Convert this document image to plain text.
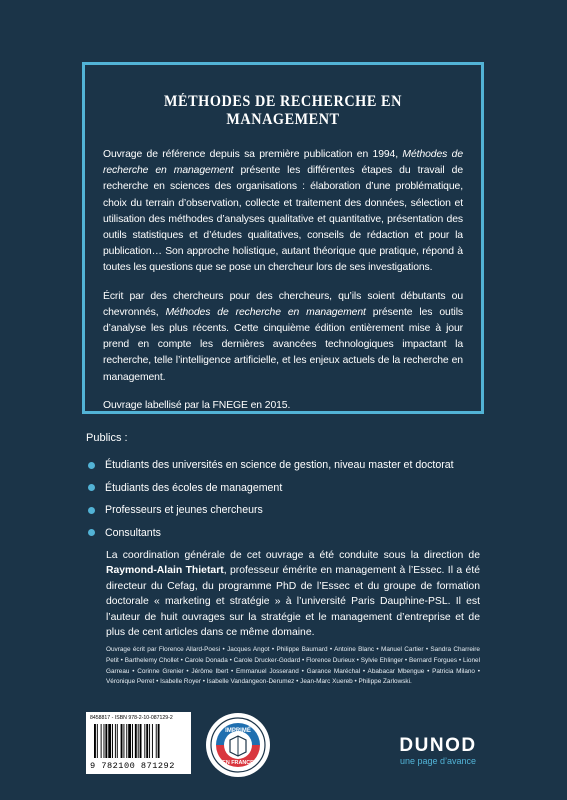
MÉTHODES DE RECHERCHE EN MANAGEMENT

Ouvrage de référence depuis sa première publication en 1994, Méthodes de recherche en management présente les différentes étapes du travail de recherche en sciences des organisations : élaboration d’une problématique, choix du terrain d’observation, collecte et traitement des données, sélection et utilisation des méthodes d’analyses qualitative et quantitative, présentation des outils statistiques et d’études qualitatives, conseils de rédaction et pour la publication… Son approche holistique, autant théorique que pratique, répond à toutes les questions que se pose un chercheur lors de ses investigations.

Écrit par des chercheurs pour des chercheurs, qu’ils soient débutants ou chevronnés, Méthodes de recherche en management présente les outils d’analyse les plus récents. Cette cinquième édition entièrement mise à jour prend en compte les dernières avancées technologiques impactant la recherche, telle l’intelligence artificielle, et les enjeux actuels de la recherche en management.

Ouvrage labellisé par la FNEGE en 2015.

Publics :
Étudiants des universités en science de gestion, niveau master et doctorat
Étudiants des écoles de management
Professeurs et jeunes chercheurs
Consultants
La coordination générale de cet ouvrage a été conduite sous la direction de Raymond-Alain Thietart, professeur émérite en management à l’Essec. Il a été directeur du Cefag, du programme PhD de l’Essec et du groupe de formation doctorale « marketing et stratégie » à l’université Paris Dauphine-PSL. Il est l’auteur de huit ouvrages sur la stratégie et le management d’entreprise et de plus de cent articles dans ce même domaine.
Ouvrage écrit par Florence Allard-Poesi • Jacques Angot • Philippe Baumard • Antoine Blanc • Manuel Cartier • Sandra Charreire Petit • Barthelemy Chollet • Carole Donada • Carole Drucker-Godard • Florence Durieux • Sylvie Ehlinger • Bernard Forgues • Lionel Garreau • Corinne Grenier • Jérôme Ibert • Emmanuel Josserand • Garance Maréchal • Ababacar Mbengue • Patricia Milano • Véronique Perret • Isabelle Royer • Isabelle Vandangeon-Derumez • Jean-Marc Xuereb • Philippe Zarlowski.
8458817 - ISBN 978-2-10-087129-2
9 782100 871292
IMPRIMÉ
EN FRANCE
DUNOD
une page d’avance
